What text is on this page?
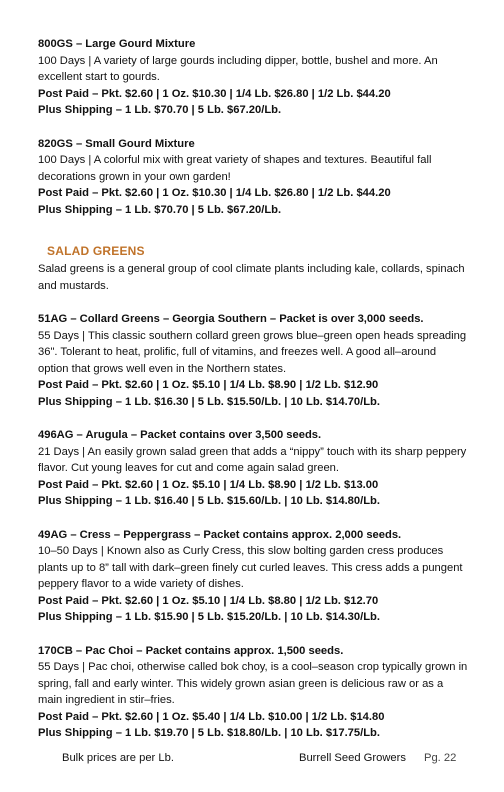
800GS – Large Gourd Mixture

100 Days | A variety of large gourds including dipper, bottle, bushel and more. An excellent start to gourds.

Post Paid – Pkt. $2.60 | 1 Oz. $10.30 | 1/4 Lb. $26.80 | 1/2 Lb. $44.20

Plus Shipping – 1 Lb. $70.70 | 5 Lb. $67.20/Lb.

820GS – Small Gourd Mixture

100 Days | A colorful mix with great variety of shapes and textures. Beautiful fall decorations grown in your own garden!

Post Paid – Pkt. $2.60 | 1 Oz. $10.30 | 1/4 Lb. $26.80 | 1/2 Lb. $44.20

Plus Shipping – 1 Lb. $70.70 | 5 Lb. $67.20/Lb.

SALAD GREENS

Salad greens is a general group of cool climate plants including kale, collards, spinach and mustards.

51AG – Collard Greens – Georgia Southern – Packet is over 3,000 seeds.

55 Days | This classic southern collard green grows blue–green open heads spreading 36". Tolerant to heat, prolific, full of vitamins, and freezes well. A good all–around option that grows well even in the Northern states.

Post Paid – Pkt. $2.60 | 1 Oz. $5.10 | 1/4 Lb. $8.90 | 1/2 Lb. $12.90

Plus Shipping – 1 Lb. $16.30 | 5 Lb. $15.50/Lb. | 10 Lb. $14.70/Lb.

496AG – Arugula – Packet contains over 3,500 seeds.

21 Days | An easily grown salad green that adds a “nippy” touch with its sharp peppery flavor. Cut young leaves for cut and come again salad green.

Post Paid – Pkt. $2.60 | 1 Oz. $5.10 | 1/4 Lb. $8.90 | 1/2 Lb. $13.00

Plus Shipping – 1 Lb. $16.40 | 5 Lb. $15.60/Lb. | 10 Lb. $14.80/Lb.

49AG – Cress – Peppergrass – Packet contains approx. 2,000 seeds.

10–50 Days | Known also as Curly Cress, this slow bolting garden cress produces plants up to 8” tall with dark–green finely cut curled leaves. This cress adds a pungent peppery flavor to a wide variety of dishes.

Post Paid – Pkt. $2.60 | 1 Oz. $5.10 | 1/4 Lb. $8.80 | 1/2 Lb. $12.70

Plus Shipping – 1 Lb. $15.90 | 5 Lb. $15.20/Lb. | 10 Lb. $14.30/Lb.

170CB – Pac Choi – Packet contains approx. 1,500 seeds.

55 Days | Pac choi, otherwise called bok choy, is a cool–season crop typically grown in spring, fall and early winter. This widely grown asian green is delicious raw or as a main ingredient in stir–fries.

Post Paid – Pkt. $2.60 | 1 Oz. $5.40 | 1/4 Lb. $10.00 | 1/2 Lb. $14.80

Plus Shipping – 1 Lb. $19.70 | 5 Lb. $18.80/Lb. | 10 Lb. $17.75/Lb.

Bulk prices are per Lb.	Burrell Seed Growers Pg. 22
